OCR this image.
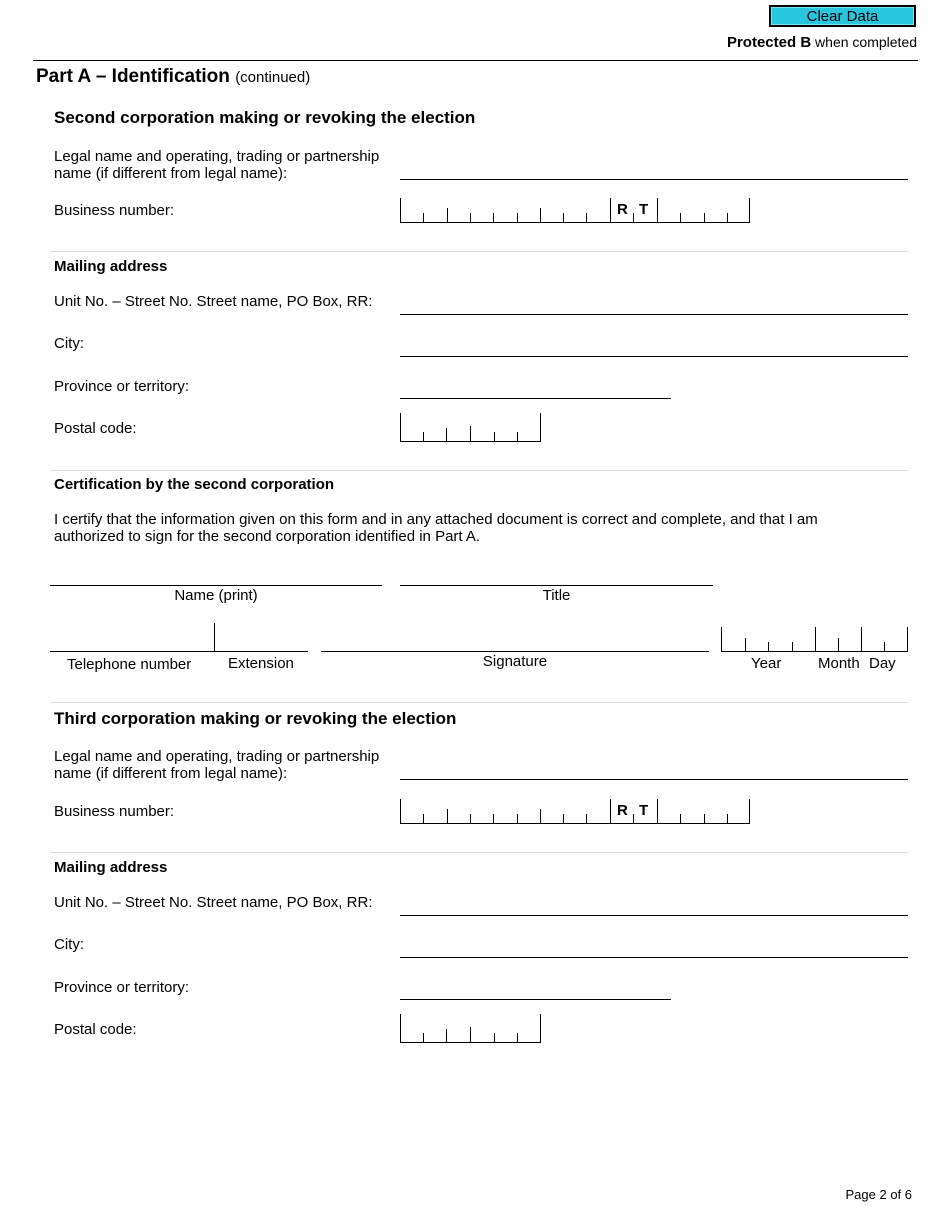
Clear Data
Protected B when completed
Part A – Identification (continued)
Second corporation making or revoking the election
Legal name and operating, trading or partnership
name (if different from legal name):
Business number:	R T
Mailing address
Unit No. – Street No. Street name, PO Box, RR:
City:
Province or territory:
Postal code:
Certification by the second corporation
I certify that the information given on this form and in any attached document is correct and complete, and that I am
authorized to sign for the second corporation identified in Part A.
Name (print)	Title
Telephone number Extension	Signature	Year Month Day
Third corporation making or revoking the election
Legal name and operating, trading or partnership
name (if different from legal name):
Business number:	R T
Mailing address
Unit No. – Street No. Street name, PO Box, RR:
City:
Province or territory:
Postal code:
Page 2 of 6
